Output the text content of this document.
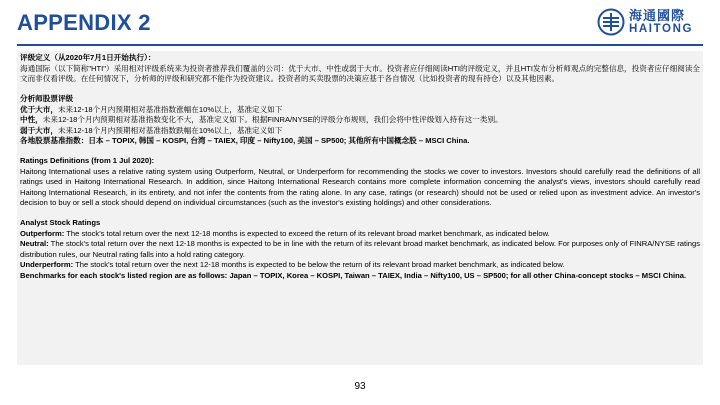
APPENDIX 2	海通國際
HAITONG

评级定义（从2020年7月1日开始执行）：

海通国际（以下简称"HTI"）采用相对评级系统来为投资者推荐我们覆盖的公司：优于大市、中性或弱于大市。投资者应仔细阅读HTI的评级定义，并且HTI发布分析师观点的完整信息，投资者应仔细阅读全文而非仅看评级。在任何情况下，分析师的评级和研究都不能作为投资建议。投资者的买卖股票的决策应基于各自情况（比如投资者的现有持仓）以及其他因素。

分析师股票评级

优于大市，未来12-18个月内预期相对基准指数涨幅在10%以上，基准定义如下

中性，未来12-18个月内预期相对基准指数变化不大，基准定义如下。根据FINRA/NYSE的评级分布规则，我们会将中性评级划入持有这一类别。

弱于大市，未来12-18个月内预期相对基准指数跌幅在10%以上，基准定义如下

各地股票基准指数：日本 – TOPIX, 韩国 – KOSPI, 台湾 – TAIEX, 印度 – Nifty100, 美国 – SP500; 其他所有中国概念股 – MSCI China.

Ratings Definitions (from 1 Jul 2020):

Haitong International uses a relative rating system using Outperform, Neutral, or Underperform for recommending the stocks we cover to investors. Investors should carefully read the definitions of all ratings used in Haitong International Research. In addition, since Haitong International Research contains more complete information concerning the analyst's views, investors should carefully read Haitong International Research, in its entirety, and not infer the contents from the rating alone. In any case, ratings (or research) should not be used or relied upon as investment advice. An investor's decision to buy or sell a stock should depend on individual circumstances (such as the investor's existing holdings) and other considerations.

Analyst Stock Ratings

Outperform: The stock's total return over the next 12-18 months is expected to exceed the return of its relevant broad market benchmark, as indicated below.

Neutral: The stock's total return over the next 12-18 months is expected to be in line with the return of its relevant broad market benchmark, as indicated below. For purposes only of FINRA/NYSE ratings distribution rules, our Neutral rating falls into a hold rating category.

Underperform: The stock's total return over the next 12-18 months is expected to be below the return of its relevant broad market benchmark, as indicated below.

Benchmarks for each stock's listed region are as follows: Japan – TOPIX, Korea – KOSPI, Taiwan – TAIEX, India – Nifty100, US – SP500; for all other China-concept stocks – MSCI China.

93
